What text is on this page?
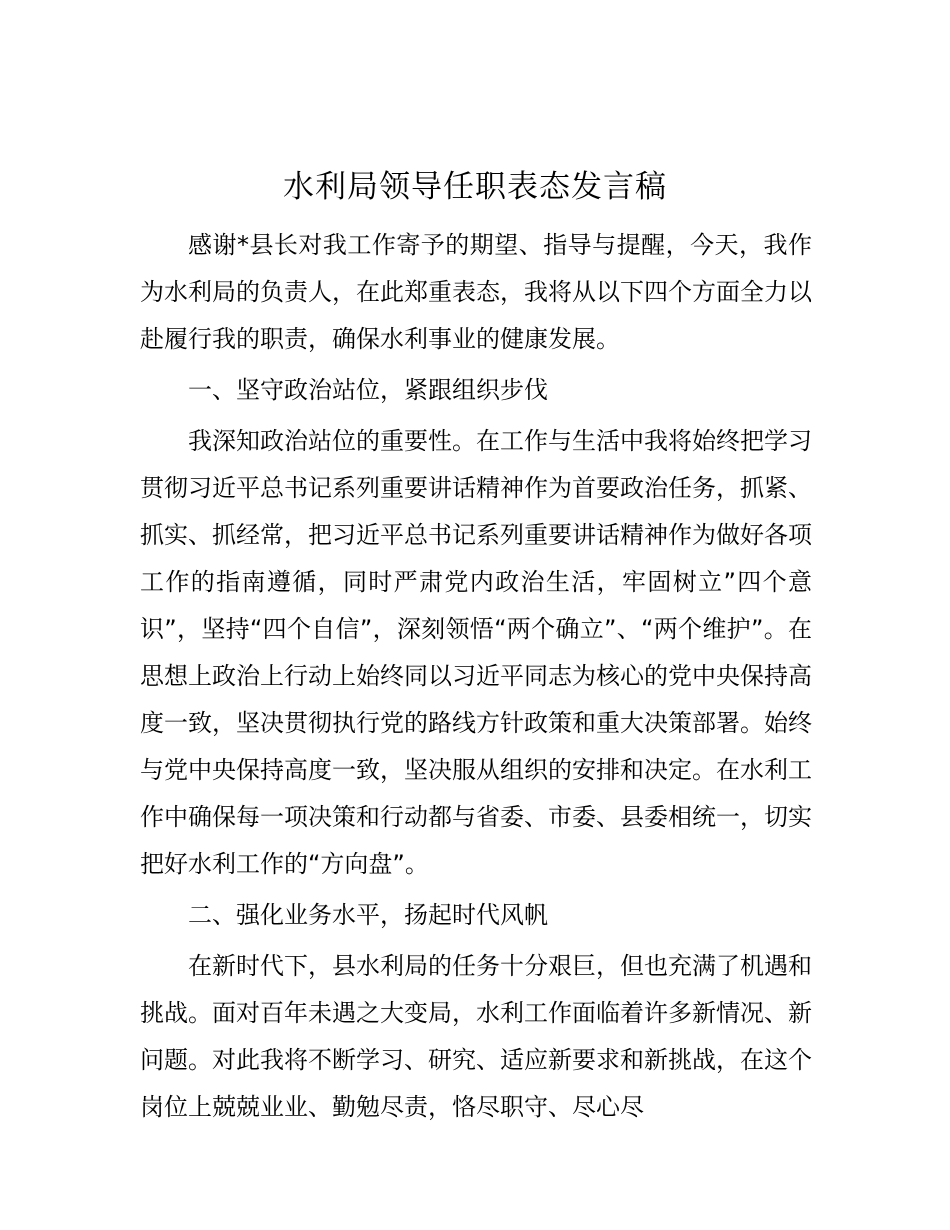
水利局领导任职表态发言稿

感谢*县长对我工作寄予的期望、指导与提醒，今天，我作为水利局的负责人，在此郑重表态，我将从以下四个方面全力以赴履行我的职责，确保水利事业的健康发展。

一、坚守政治站位，紧跟组织步伐

我深知政治站位的重要性。在工作与生活中我将始终把学习贯彻习近平总书记系列重要讲话精神作为首要政治任务，抓紧、抓实、抓经常，把习近平总书记系列重要讲话精神作为做好各项工作的指南遵循，同时严肃党内政治生活，牢固树立”四个意识”，坚持“四个自信”，深刻领悟“两个确立”、“两个维护”。在思想上政治上行动上始终同以习近平同志为核心的党中央保持高度一致，坚决贯彻执行党的路线方针政策和重大决策部署。始终与党中央保持高度一致，坚决服从组织的安排和决定。在水利工作中确保每一项决策和行动都与省委、市委、县委相统一，切实把好水利工作的“方向盘”。

二、强化业务水平，扬起时代风帆

在新时代下，县水利局的任务十分艰巨，但也充满了机遇和挑战。面对百年未遇之大变局，水利工作面临着许多新情况、新问题。对此我将不断学习、研究、适应新要求和新挑战，在这个岗位上兢兢业业、勤勉尽责，恪尽职守、尽心尽
